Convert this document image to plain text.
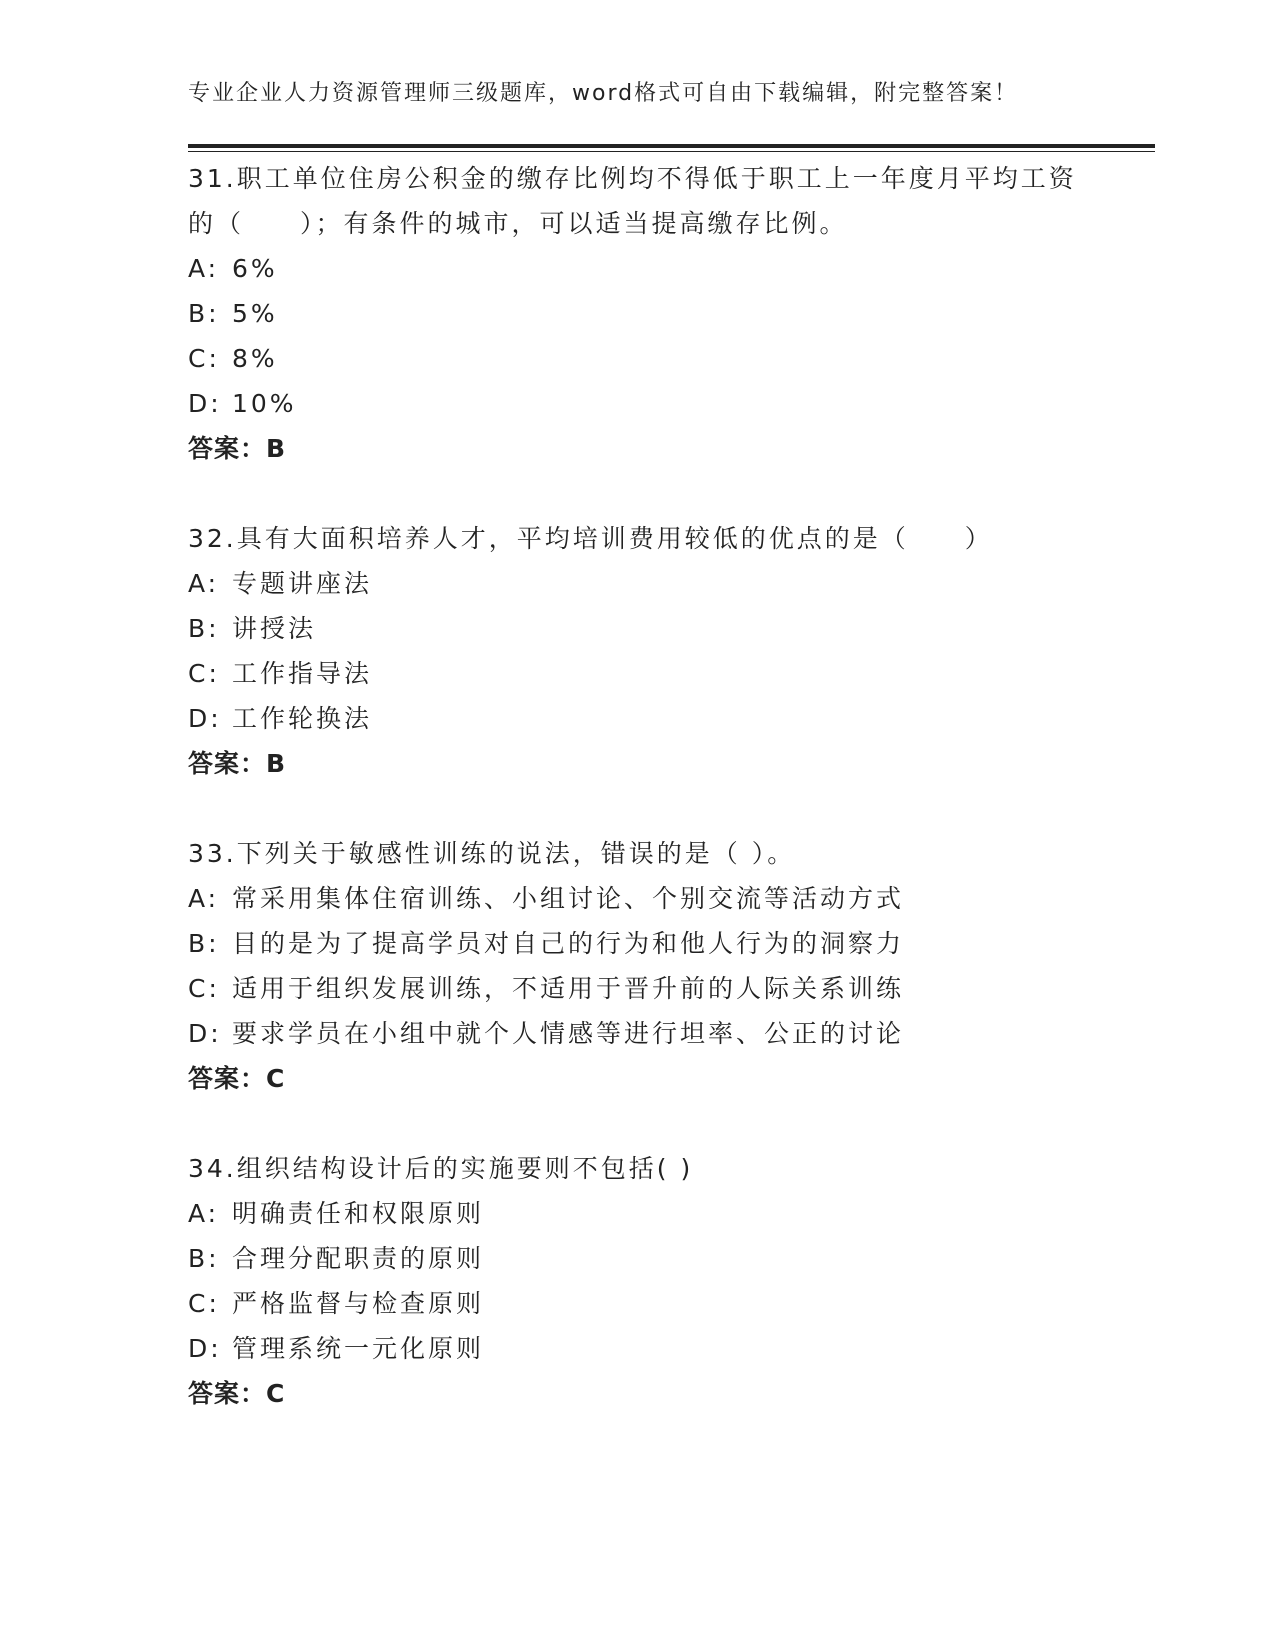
专业企业人力资源管理师三级题库，word格式可自由下载编辑，附完整答案！

31.职工单位住房公积金的缴存比例均不得低于职工上一年度月平均工资的（　　）；有条件的城市，可以适当提高缴存比例。

A: 6%

B: 5%

C: 8%

D: 10%

答案：B

32.具有大面积培养人才，平均培训费用较低的优点的是（　　）

A: 专题讲座法

B: 讲授法

C: 工作指导法

D: 工作轮换法

答案：B

33.下列关于敏感性训练的说法，错误的是（ ）。

A: 常采用集体住宿训练、小组讨论、个别交流等活动方式

B: 目的是为了提高学员对自己的行为和他人行为的洞察力

C: 适用于组织发展训练，不适用于晋升前的人际关系训练

D: 要求学员在小组中就个人情感等进行坦率、公正的讨论

答案：C

34.组织结构设计后的实施要则不包括( )

A: 明确责任和权限原则

B: 合理分配职责的原则

C: 严格监督与检查原则

D: 管理系统一元化原则

答案：C
